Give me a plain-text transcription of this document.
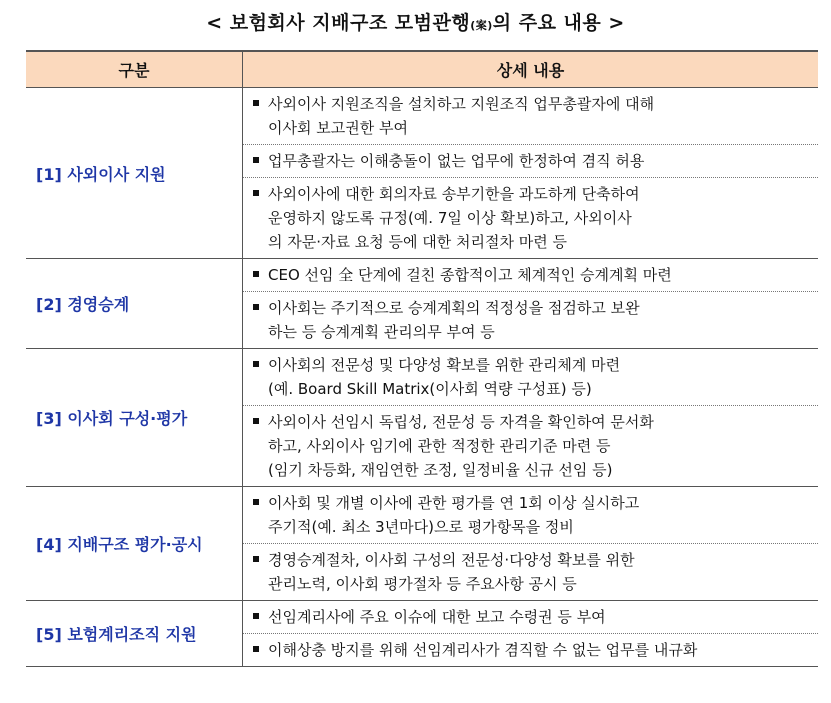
< 보험회사 지배구조 모범관행(案)의 주요 내용 >
구분	상세 내용
[1] 사외이사 지원	사외이사 지원조직을 설치하고 지원조직 업무총괄자에 대해
이사회 보고권한 부여

	업무총괄자는 이해충돌이 없는 업무에 한정하여 겸직 허용

	사외이사에 대한 회의자료 송부기한을 과도하게 단축하여
운영하지 않도록 규정(예. 7일 이상 확보)하고, 사외이사
의 자문·자료 요청 등에 대한 처리절차 마련 등

[2] 경영승계	CEO 선임 全 단계에 걸친 종합적이고 체계적인 승계계획 마련

	이사회는 주기적으로 승계계획의 적정성을 점검하고 보완
하는 등 승계계획 관리의무 부여 등

[3] 이사회 구성·평가	이사회의 전문성 및 다양성 확보를 위한 관리체계 마련
(예. Board Skill Matrix(이사회 역량 구성표) 등)

	사외이사 선임시 독립성, 전문성 등 자격을 확인하여 문서화
하고, 사외이사 임기에 관한 적정한 관리기준 마련 등
(임기 차등화, 재임연한 조정, 일정비율 신규 선임 등)

[4] 지배구조 평가·공시	이사회 및 개별 이사에 관한 평가를 연 1회 이상 실시하고
주기적(예. 최소 3년마다)으로 평가항목을 정비

	경영승계절차, 이사회 구성의 전문성·다양성 확보를 위한
관리노력, 이사회 평가절차 등 주요사항 공시 등

[5] 보험계리조직 지원	선임계리사에 주요 이슈에 대한 보고 수령권 등 부여

	이해상충 방지를 위해 선임계리사가 겸직할 수 없는 업무를 내규화
